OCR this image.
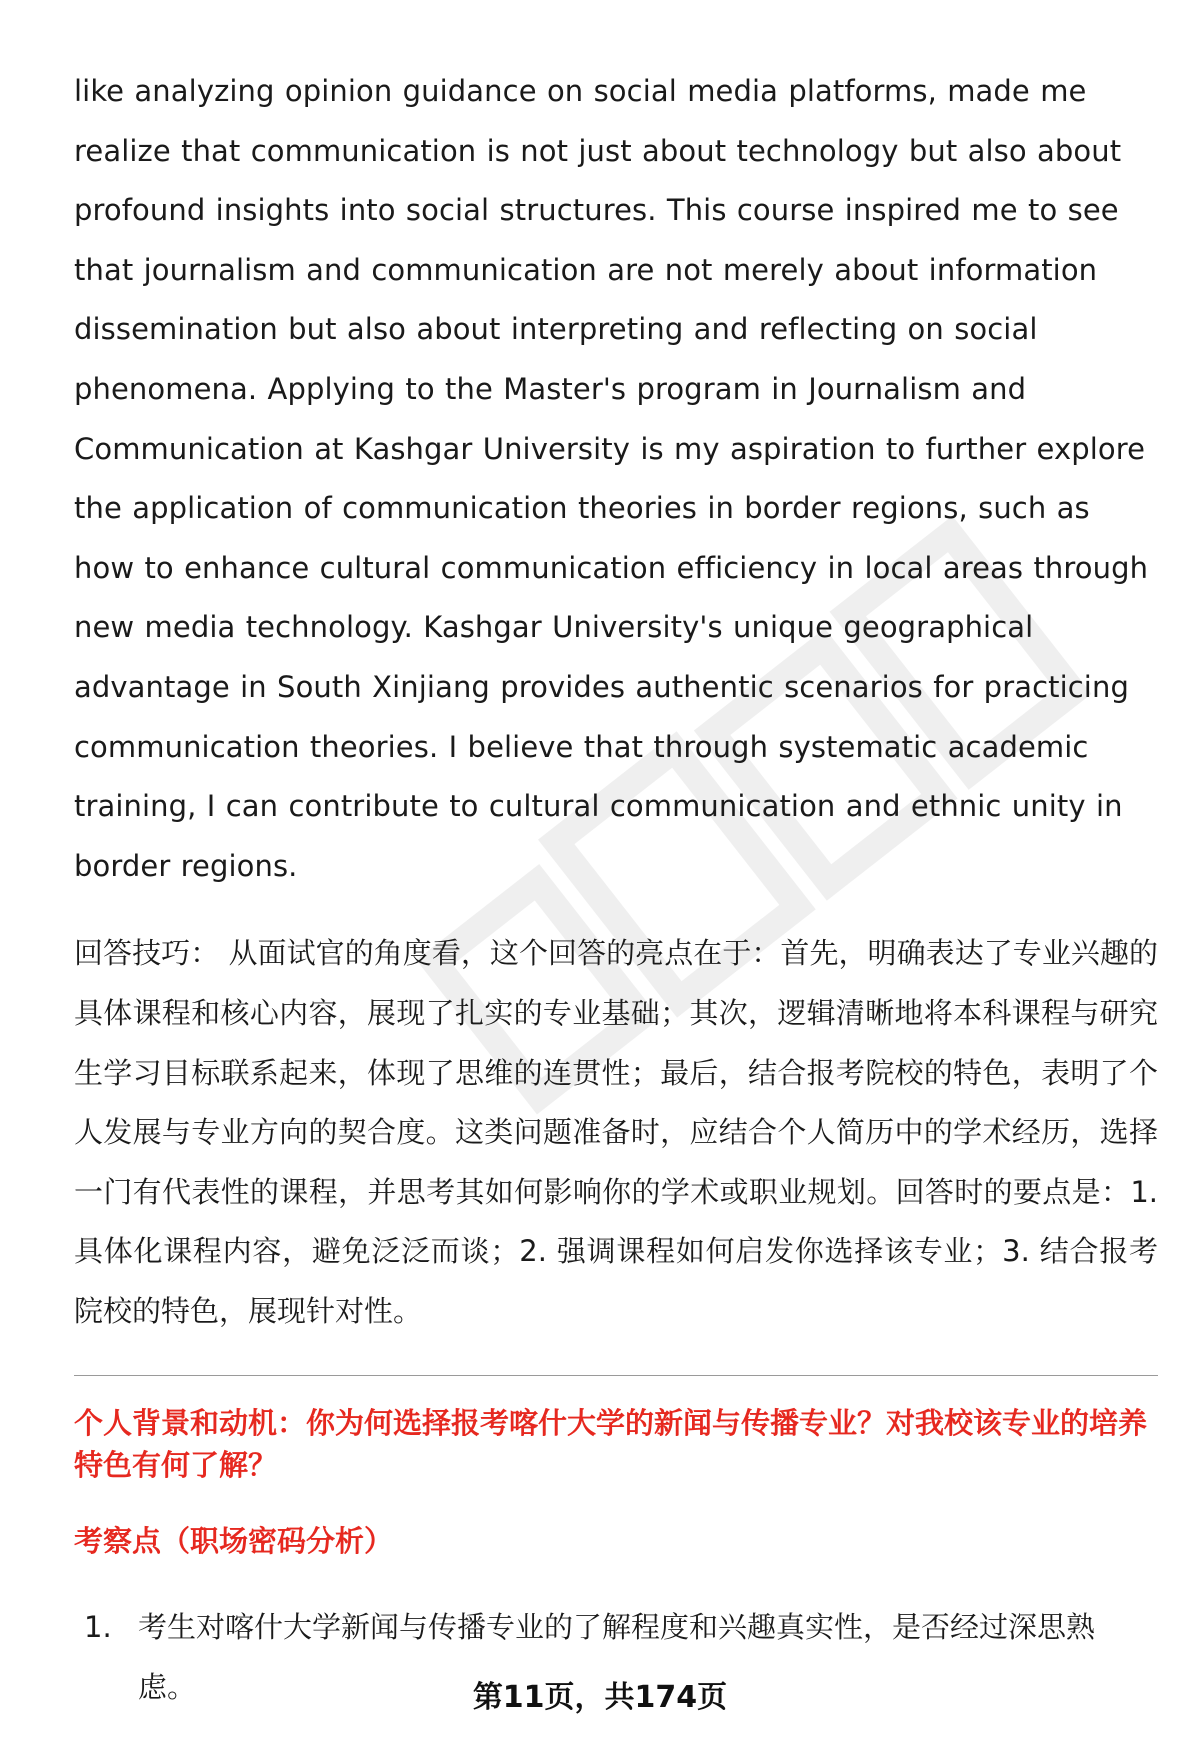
like analyzing opinion guidance on social media platforms, made me realize that communication is not just about technology but also about profound insights into social structures. This course inspired me to see that journalism and communication are not merely about information dissemination but also about interpreting and reflecting on social phenomena. Applying to the Master's program in Journalism and Communication at Kashgar University is my aspiration to further explore the application of communication theories in border regions, such as how to enhance cultural communication efficiency in local areas through new media technology. Kashgar University's unique geographical advantage in South Xinjiang provides authentic scenarios for practicing communication theories. I believe that through systematic academic training, I can contribute to cultural communication and ethnic unity in border regions.

回答技巧： 从面试官的角度看，这个回答的亮点在于：首先，明确表达了专业兴趣的具体课程和核心内容，展现了扎实的专业基础；其次，逻辑清晰地将本科课程与研究生学习目标联系起来，体现了思维的连贯性；最后，结合报考院校的特色，表明了个人发展与专业方向的契合度。这类问题准备时，应结合个人简历中的学术经历，选择一门有代表性的课程，并思考其如何影响你的学术或职业规划。回答时的要点是：1. 具体化课程内容，避免泛泛而谈；2. 强调课程如何启发你选择该专业；3. 结合报考院校的特色，展现针对性。

个人背景和动机：你为何选择报考喀什大学的新闻与传播专业？对我校该专业的培养特色有何了解？
考察点（职场密码分析）
1. 考生对喀什大学新闻与传播专业的了解程度和兴趣真实性，是否经过深思熟虑。	第11页，共174页
